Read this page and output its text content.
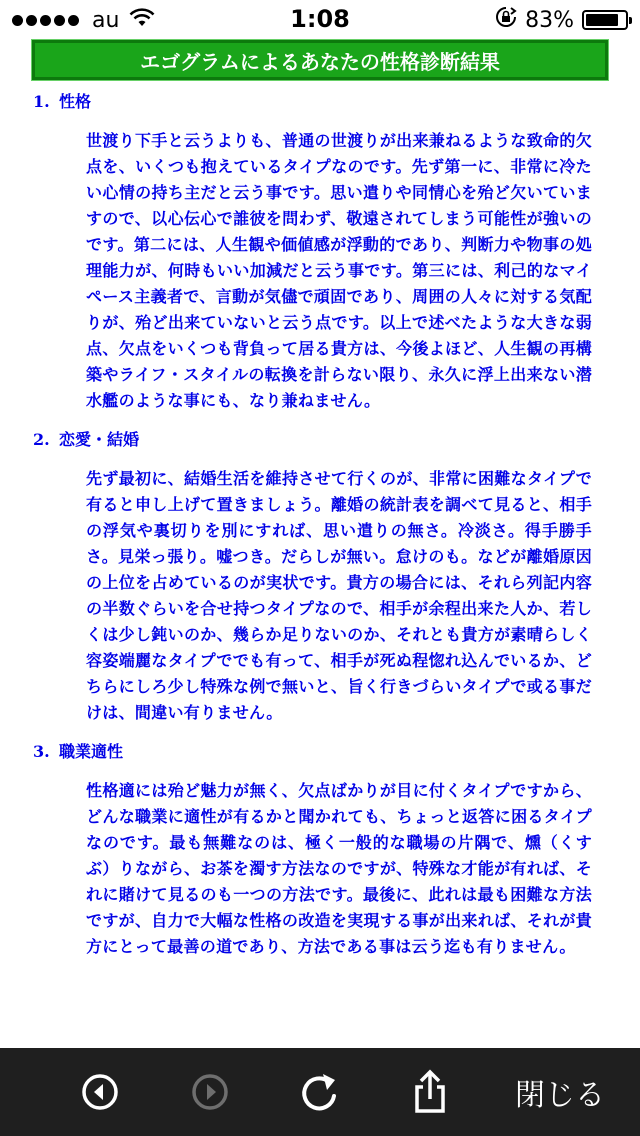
au	1:08	83%
エゴグラムによるあなたの性格診断結果
1. 性格
世渡り下手と云うよりも、普通の世渡りが出来兼ねるような致命的欠点を、いくつも抱えているタイプなのです。先ず第一に、非常に冷たい心情の持ち主だと云う事です。思い遣りや同情心を殆ど欠いていますので、以心伝心で誰彼を問わず、敬遠されてしまう可能性が強いのです。第二には、人生観や価値感が浮動的であり、判断力や物事の処理能力が、何時もいい加減だと云う事です。第三には、利己的なマイペース主義者で、言動が気儘で頑固であり、周囲の人々に対する気配りが、殆ど出来ていないと云う点です。以上で述べたような大きな弱点、欠点をいくつも背負って居る貴方は、今後よほど、人生観の再構築やライフ・スタイルの転換を計らない限り、永久に浮上出来ない潜水艦のような事にも、なり兼ねません。
2. 恋愛・結婚
先ず最初に、結婚生活を維持させて行くのが、非常に困難なタイプで有ると申し上げて置きましょう。離婚の統計表を調べて見ると、相手の浮気や裏切りを別にすれば、思い遣りの無さ。冷淡さ。得手勝手さ。見栄っ張り。嘘つき。だらしが無い。怠けのも。などが離婚原因の上位を占めているのが実状です。貴方の場合には、それら列記内容の半数ぐらいを合せ持つタイプなので、相手が余程出来た人か、若しくは少し鈍いのか、幾らか足りないのか、それとも貴方が素晴らしく容姿端麗なタイプででも有って、相手が死ぬ程惚れ込んでいるか、どちらにしろ少し特殊な例で無いと、旨く行きづらいタイプで或る事だけは、間違い有りません。
3. 職業適性
性格適には殆ど魅力が無く、欠点ばかりが目に付くタイプですから、どんな職業に適性が有るかと聞かれても、ちょっと返答に困るタイプなのです。最も無難なのは、極く一般的な職場の片隅で、燻（くすぶ）りながら、お茶を濁す方法なのですが、特殊な才能が有れば、それに賭けて見るのも一つの方法です。最後に、此れは最も困難な方法ですが、自力で大幅な性格の改造を実現する事が出来れば、それが貴方にとって最善の道であり、方法である事は云う迄も有りません。
閉じる
